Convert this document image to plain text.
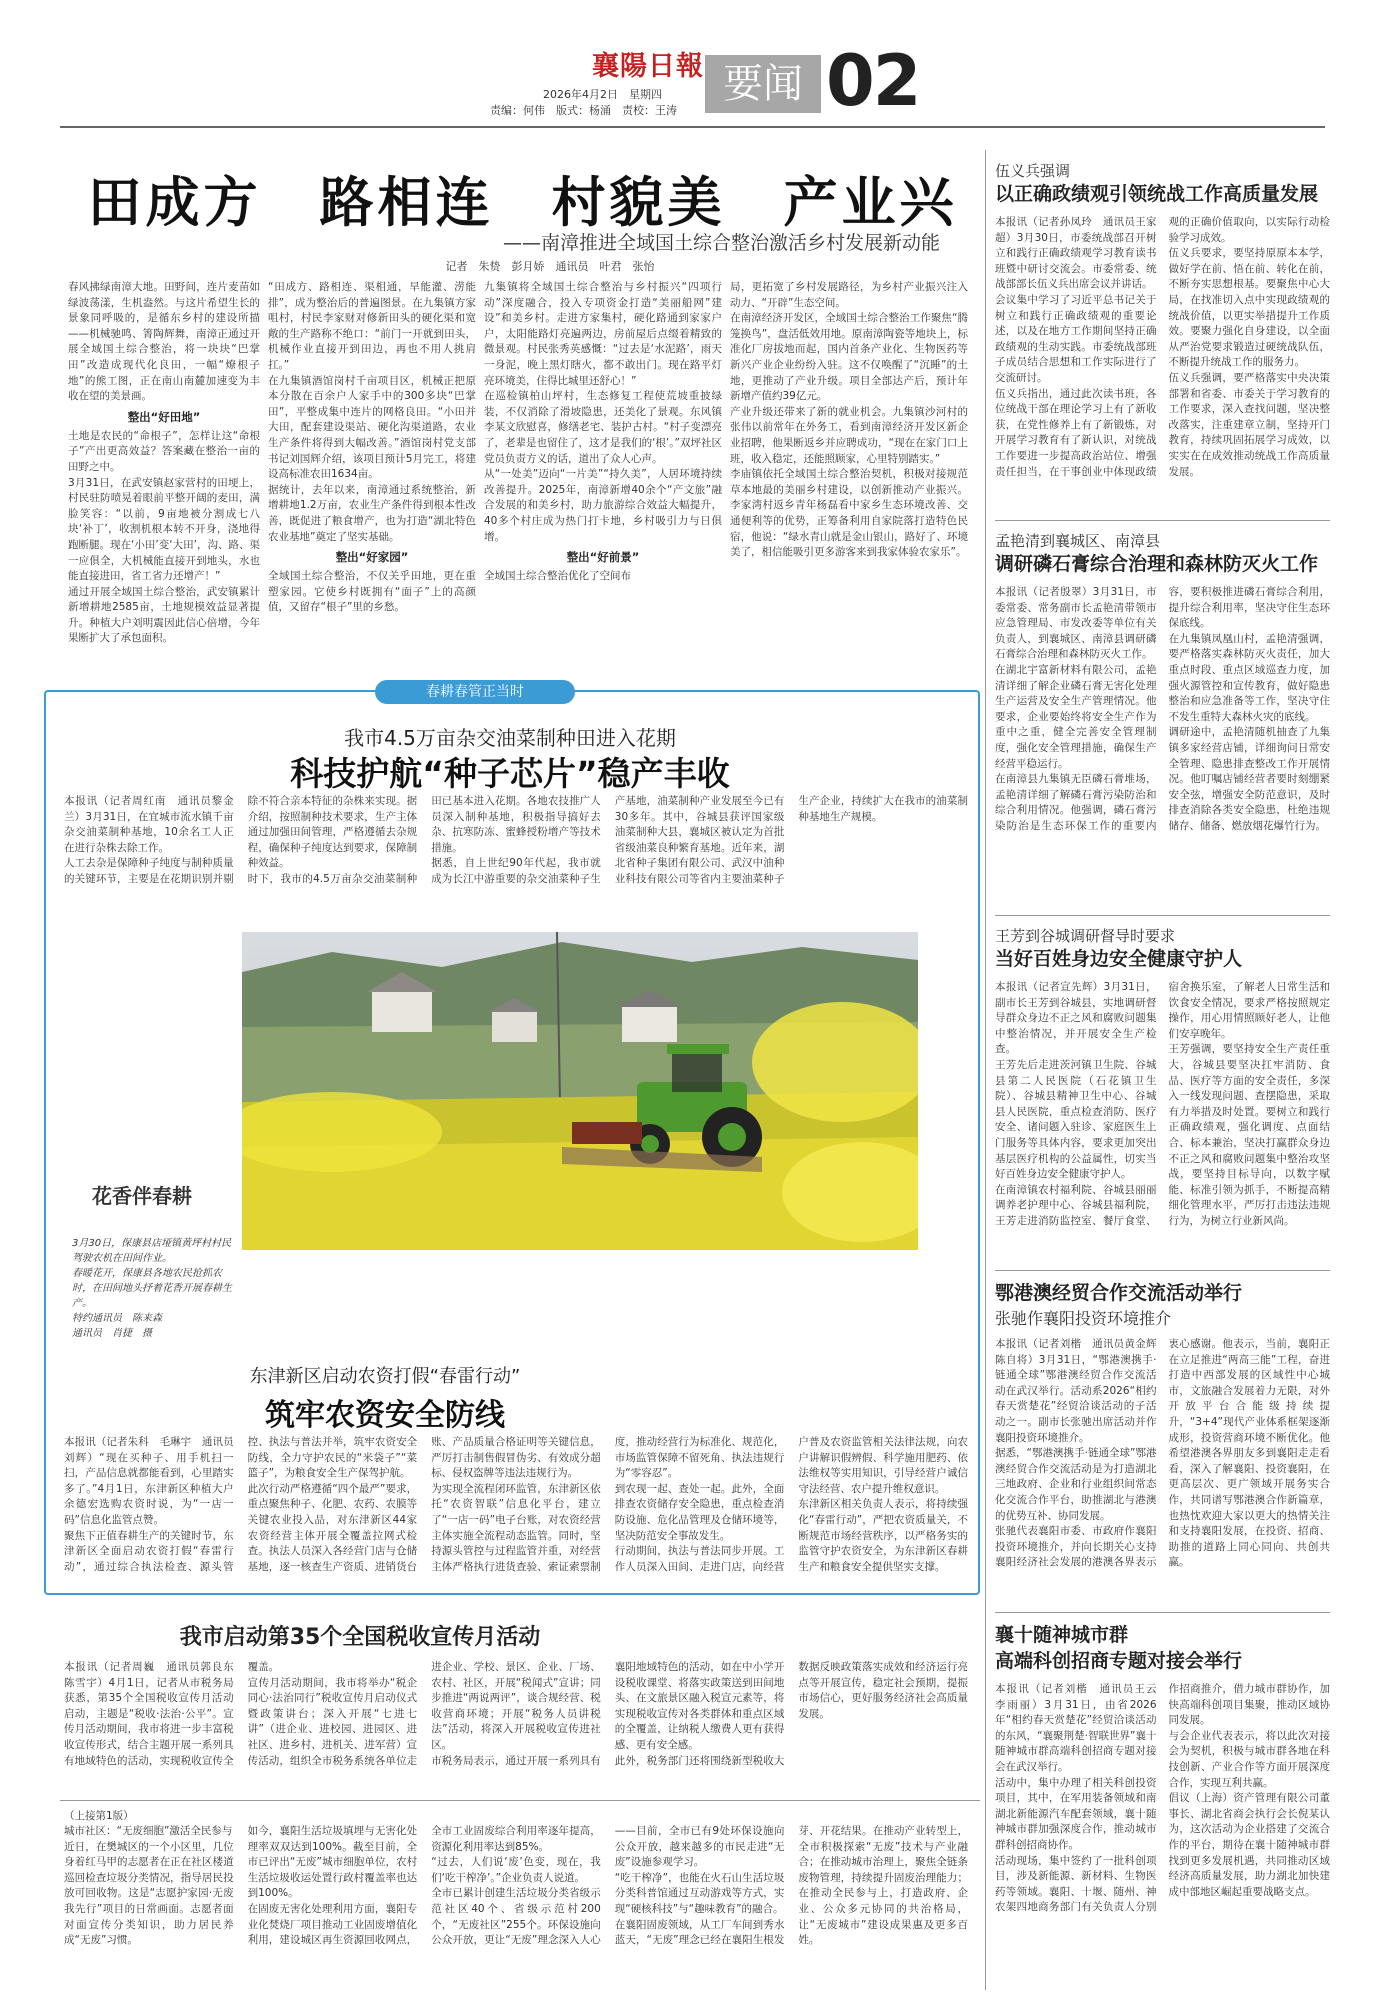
襄陽日報
2026年4月2日　星期四
责编：何伟　版式：杨涌　责校：王涛
要闻 02
田成方　路相连　村貌美　产业兴
——南漳推进全域国土综合整治激活乡村发展新动能
记者　朱贽　彭月娇　通讯员　叶君　张怡
春风拂绿南漳大地。田野间，连片麦苗如绿波荡漾，生机盎然。与这片希望生长的景象同呼吸的，是循东乡村的建设所描——机械驰鸣、箐陶辉舞，南漳正通过开展全域国土综合整治，将一块块“巴掌田”改造成现代化良田，一幅“燎根子地”的熊工图，正在南山南麓加速变为丰收在望的美景画。
整出“好田地”
土地是农民的“命根子”，怎样让这“命根子”产出更高效益？答案藏在整治一亩的田野之中。
3月31日，在武安镇赵家营村的田埂上，村民驻防喷晃着眼前平整开阔的麦田，满脸笑容：“以前，9亩地被分割成七八块‘补丁’，收割机根本转不开身，浇地得跑断腿。现在‘小田’变‘大田’，沟、路、渠一应俱全，大机械能直接开到地头，水也能直接进田，省工省力还增产！”
通过开展全域国土综合整治，武安镇累计新增耕地2585亩，土地规模效益显著提升。种植大户刘明震因此信心倍增，今年果断扩大了承包面积。
“田成方、路相连、渠相通，旱能灌、涝能排”，成为整治后的普遍图景。在九集镇方家咀村，村民李家财对修新田头的硬化渠和宽敞的生产路称不绝口：“前门一开就到田头，机械作业直接开到田边，再也不用人挑肩扛。”
在九集镇酒馆岗村千亩项目区，机械正把原本分散在百余户人家手中的300多块“巴掌田”，平整成集中连片的网格良田。“小田并大田，配套建设渠站、硬化沟渠道路，农业生产条件将得到大幅改善。”酒馆岗村党支部书记刘国辉介绍，该项目预计5月完工，将建设高标准农田1634亩。
据统计，去年以来，南漳通过系统整治，新增耕地1.2万亩，农业生产条件得到根本性改善，既促进了粮食增产，也为打造“湖北特色农业基地”奠定了坚实基础。
整出“好家园”
全域国土综合整治，不仅关乎田地，更在重塑家园。它使乡村既拥有“面子”上的高颜值，又留存“根子”里的乡愁。
九集镇将全域国土综合整治与乡村振兴“四项行动”深度融合，投入专项资金打造“美丽船网”建设”和美乡村。走进方家集村，硬化路通到家家户户，太阳能路灯亮遍两边，房前屋后点缀着精致的微景观。村民张秀英感慨：“过去是‘水泥路’，雨天一身泥，晚上黑灯瞎火，都不敢出门。现在路平灯亮环境美，住得比城里还舒心！”
在巡检镇柏山坪村，生态修复工程使荒坡重披绿装，不仅消除了滑坡隐患，还美化了景观。东风镇李某文欣慰喜，修缮老宅、装护古村。“村子变漂亮了，老辈是也留住了，这才是我们的‘根’。”双坪社区党员负责方义的话，道出了众人心声。
从“一处美”迈向“一片美”“持久美”，人居环境持续改善提升。2025年，南漳新增40余个“产文旅”融合发展的和美乡村，助力旅游综合效益大幅提升，40多个村庄成为热门打卡地，乡村吸引力与日俱增。
整出“好前景”
全域国土综合整治优化了空间布
局，更拓宽了乡村发展路径，为乡村产业振兴注入动力、“开辟”生态空间。
在南漳经济开发区，全域国土综合整治工作聚焦“腾笼换鸟”，盘活低效用地。原南漳陶瓷等地块上，标准化厂房拔地而起，国内首条产业化、生物医药等新兴产业企业纷纷入驻。这不仅唤醒了“沉睡”的土地，更推动了产业升级。项目全部达产后，预计年新增产值约39亿元。
产业升级还带来了新的就业机会。九集镇沙河村的张伟以前常年在外务工，看到南漳经济开发区新企业招聘，他果断返乡并应聘成功，“现在在家门口上班，收入稳定，还能照顾家，心里特别踏实。”
李庙镇依托全域国土综合整治契机，积极对接规范草本地最的美丽乡村建设，以创新推动产业振兴。李家湾村返乡青年杨磊看中家乡生态环境改善、交通便利等的优势，正筹备利用自家院落打造特色民宿，他说：“绿水青山就是金山银山，路好了、环境美了，相信能吸引更多游客来到我家体验农家乐”。
春耕春管正当时
我市4.5万亩杂交油菜制种田进入花期
科技护航“种子芯片”稳产丰收
本报讯（记者周红南　通讯员黎金兰）3月31日，在宜城市流水镇千亩杂交油菜制种基地，10余名工人正在进行杂株去除工作。
人工去杂是保障种子纯度与制种质量的关键环节，主要是在花期识别并剔除不符合亲本特征的杂株来实现。据介绍，按照制种技术要求，生产主体通过加强田间管理，严格遵循去杂规程，确保种子纯度达到要求，保障制种效益。
时下，我市的4.5万亩杂交油菜制种田已基本进入花期。各地农技推广人员深入制种基地，积极指导搞好去杂、抗寒防冻、蜜蜂授粉增产等技术措施。
据悉，自上世纪90年代起，我市就成为长江中游重要的杂交油菜种子生产基地，油菜制种产业发展至今已有30多年。其中，谷城县获评国家级油菜制种大县，襄城区被认定为首批省级油菜良种繁育基地。近年来，湖北省种子集团有限公司、武汉中油种业科技有限公司等省内主要油菜种子生产企业，持续扩大在我市的油菜制种基地生产规模。
花香伴春耕
3月30日，保康县店垭镇黄坪村村民驾驶农机在田间作业。
春暖花开，保康县各地农民抢抓农时，在田间地头抒着花香开展春耕生产。
特约通讯员　陈来森
通讯员　肖捷　摄
东津新区启动农资打假“春雷行动”
筑牢农资安全防线
本报讯（记者朱科　毛琳宇　通讯员刘辉）“现在买种子、用手机扫一扫，产品信息就都能看到，心里踏实多了。”4月1日，东津新区种植大户余德宏选购农资时说，为“一店一码”信息化监管点赞。
聚焦下正值春耕生产的关键时节，东津新区全面启动农资打假“春雷行动”，通过综合执法检查、源头管控、执法与普法并举，筑牢农资安全防线，全力守护农民的“米袋子”“菜篮子”，为粮食安全生产保驾护航。
此次行动严格遵循“四个最严”要求，重点聚焦种子、化肥、农药、农膜等关键农业投入品，对东津新区44家农资经营主体开展全覆盖拉网式检查。执法人员深入各经营门店与仓储基地，逐一核查生产资质、进销货台账、产品质量合格证明等关键信息，严厉打击制售假冒伪劣、有效成分超标、侵权盗牌等违法违规行为。
为实现全流程闭环监管，东津新区依托“农资智联”信息化平台，建立了“一店一码”电子台账，对农资经营主体实施全流程动态监管。同时，坚持源头管控与过程监管并重，对经营主体严格执行进货查验、索证索票制度，推动经营行为标准化、规范化，市场监管保障不留死角、执法违规行为“零容忍”。
到农现一起、查处一起。此外，全面排查农资储存安全隐患，重点检查消防设施、危化品管理及仓储环境等，坚决防范安全事故发生。
行动期间，执法与普法同步开展。工作人员深入田间、走进门店，向经营户普及农资监管相关法律法规，向农户讲解识假辨假、科学施用肥药、依法维权等实用知识，引导经营户诚信守法经营、农户提升维权意识。
东津新区相关负责人表示，将持续强化“春雷行动”，严把农资质量关，不断规范市场经营秩序，以严格务实的监管守护农资安全，为东津新区春耕生产和粮食安全提供坚实支撑。
我市启动第35个全国税收宣传月活动
本报讯（记者周巍　通讯员郭良东　陈雪宇）4月1日，记者从市税务局获悉，第35个全国税收宣传月活动启动，主题是“税收·法治·公平”。宣传月活动期间，我市将进一步丰富税收宣传形式，结合主题开展一系列具有地域特色的活动，实现税收宣传全覆盖。
宣传月活动期间，我市将举办“税企同心·法治同行”税收宣传月启动仪式暨政策讲台；深入开展“七进七讲”（进企业、进校园、进园区、进社区、进乡村、进机关、进军营）宣传活动，组织全市税务系统各单位走进企业、学校、景区、企业、厂场、农村、社区，开展“税闻式”宣讲；同步推进“两说两评”，谈合规经营、税收营商环境；开展“税务人员讲税法”活动，将深入开展税收宣传进社区。
市税务局表示，通过开展一系列具有襄阳地域特色的活动，如在中小学开设税收课堂、将落实政策送到田间地头、在文旅景区融入税宣元素等，将实现税收宣传对各类群体和重点区域的全覆盖，让纳税人缴费人更有获得感、更有安全感。
此外，税务部门还将围绕新型税收大数据反映政策落实成效和经济运行亮点等开展宣传，稳定社会预期，提振市场信心，更好服务经济社会高质量发展。
（上接第1版）
城市社区：“无废细胞”激活全民参与
近日，在樊城区的一个小区里，几位身着红马甲的志愿者在正在社区楼道巡回检查垃圾分类情况，指导居民投放可回收物。这是“志愿护家园·无废我先行”项目的日常画面。志愿者面对面宣传分类知识，助力居民养成“无废”习惯。
如今，襄阳生活垃圾填埋与无害化处理率双双达到100%。截至目前，全市已评出“无废”城市细胞单位，农村生活垃圾收运处置行政村覆盖率也达到100%。
在固废无害化处理利用方面，襄阳专业化焚烧厂项目推动工业固废增值化利用，建设城区再生资源回收网点，全市工业固废综合利用率逐年提高，资源化利用率达到85%。
“过去，人们说‘废’色变，现在，我们‘吃干榨净’。”企业负责人说道。
全市已累计创建生活垃圾分类省级示范社区40个、省级示范村200个，“无废社区”255个。环保设施向公众开放，更让“无废”理念深入人心——目前，全市已有9处环保设施向公众开放，越来越多的市民走进“无废”设施参观学习。
“吃干榨净”，也能在火石山生活垃圾分类科普馆通过互动游戏等方式，实现“硬核科技”与“趣味教育”的融合。
在襄阳固废领域，从工厂车间到秀水蓝天，“无废”理念已经在襄阳生根发芽、开花结果。在推动产业转型上，全市积极探索“无废”技术与产业融合；在推动城市治理上，聚焦全链条废物管理，持续提升固废治理能力；在推动全民参与上，打造政府、企业、公众多元协同的共治格局，让“无废城市”建设成果惠及更多百姓。
伍义兵强调
以正确政绩观引领统战工作高质量发展
本报讯（记者孙凤玲　通讯员王家超）3月30日，市委统战部召开树立和践行正确政绩观学习教育读书班暨中研讨交流会。市委常委、统战部部长伍义兵出席会议并讲话。
会议集中学习了习近平总书记关于树立和践行正确政绩观的重要论述，以及在地方工作期间坚持正确政绩观的生动实践。市委统战部班子成员结合思想和工作实际进行了交流研讨。
伍义兵指出，通过此次读书班，各位统战干部在理论学习上有了新收获，在党性修养上有了新锻炼，对开展学习教育有了新认识，对统战工作要进一步提高政治站位、增强责任担当，在干事创业中体现政绩观的正确价值取向，以实际行动检验学习成效。
伍义兵要求，要坚持原原本本学，做好学在前、悟在前、转化在前，不断夯实思想根基。要聚焦中心大局，在找准切入点中实现政绩观的统战价值，以更实举措提升工作质效。要聚力强化自身建设，以全面从严治党要求锻造过硬统战队伍，不断提升统战工作的服务力。
伍义兵强调，要严格落实中央决策部署和省委、市委关于学习教育的工作要求，深入查找问题，坚决整改落实，注重建章立制，坚持开门教育，持续巩固拓展学习成效，以实实在在成效推动统战工作高质量发展。
孟艳清到襄城区、南漳县
调研磷石膏综合治理和森林防灭火工作
本报讯（记者殷翠）3月31日，市委常委、常务副市长孟艳清带领市应急管理局、市发改委等单位有关负责人，到襄城区、南漳县调研磷石膏综合治理和森林防灭火工作。
在湖北宇富新材料有限公司，孟艳清详细了解企业磷石膏无害化处理生产运营及安全生产管理情况。他要求，企业要始终将安全生产作为重中之重，健全完善安全管理制度，强化安全管理措施，确保生产经营平稳运行。
在南漳县九集镇无臣磷石膏堆场，孟艳清详细了解磷石膏污染防治和综合利用情况。他强调，磷石膏污染防治是生态环保工作的重要内容，要积极推进磷石膏综合利用，提升综合利用率，坚决守住生态环保底线。
在九集镇凤凰山村，孟艳清强调，要严格落实森林防灭火责任，加大重点时段、重点区域巡查力度，加强火源管控和宣传教育，做好隐患整治和应急准备等工作，坚决守住不发生重特大森林火灾的底线。
调研途中，孟艳清随机抽查了九集镇多家经营店铺，详细询问日常安全管理、隐患排查整改工作开展情况。他叮嘱店铺经营者要时刻绷紧安全弦，增强安全防范意识，及时排查消除各类安全隐患，杜绝违规储存、储备、燃放烟花爆竹行为。
王芳到谷城调研督导时要求
当好百姓身边安全健康守护人
本报讯（记者宣先辉）3月31日，副市长王芳到谷城县，实地调研督导群众身边不正之风和腐败问题集中整治情况，并开展安全生产检查。
王芳先后走进茨河镇卫生院、谷城县第二人民医院（石花镇卫生院）、谷城县精神卫生中心、谷城县人民医院，重点检查消防、医疗安全、诸问题入驻诊、家庭医生上门服务等具体内容，要求更加突出基层医疗机构的公益属性，切实当好百姓身边安全健康守护人。
在南漳镇农村福利院、谷城县丽丽调养老护理中心、谷城县福利院，王芳走进消防监控室、餐厅食堂、宿舍换乐室，了解老人日常生活和饮食安全情况，要求严格按照规定操作，用心用情照顾好老人，让他们安享晚年。
王芳强调，要坚持安全生产责任重大，谷城县要坚决扛牢消防、食品、医疗等方面的安全责任，多深入一线发现问题、查摆隐患，采取有力举措及时处置。要树立和践行正确政绩观，强化调度、点面结合、标本兼治，坚决打赢群众身边不正之风和腐败问题集中整治攻坚战，要坚持目标导向，以数字赋能、标准引领为抓手，不断提高精细化管理水平，严厉打击违法违规行为，为树立行业新风尚。
鄂港澳经贸合作交流活动举行
张驰作襄阳投资环境推介
本报讯（记者刘楷　通讯员黄金辉　陈自将）3月31日，“鄂港澳携手·链通全球”鄂港澳经贸合作交流活动在武汉举行。活动系2026“相约春天赏楚花”经贸洽谈活动的子活动之一。副市长张驰出席活动并作襄阳投资环境推介。
据悉，“鄂港澳携手·链通全球”鄂港澳经贸合作交流活动是为打造湖北三地政府、企业和行业组织间常态化交流合作平台，助推湖北与港澳的优势互补、协同发展。
张驰代表襄阳市委、市政府作襄阳投资环境推介，并向长期关心支持襄阳经济社会发展的港澳各界表示衷心感谢。他表示，当前，襄阳正在立足推进“两高三能”工程，奋进打造中西部发展的区域性中心城市，文旅融合发展着力无限，对外开放平台合能级持续提升，“3+4”现代产业体系框架逐渐成形，投资营商环境不断优化。他希望港澳各界朋友多到襄阳走走看看，深入了解襄阳、投资襄阳，在更高层次、更广领域开展务实合作，共同谱写鄂港澳合作新篇章，也热忱欢迎大家以更大的热情关注和支持襄阳发展，在投资、招商、助推的道路上同心同向、共创共赢。
襄十随神城市群
高端科创招商专题对接会举行
本报讯（记者刘楷　通讯员王云　李雨丽）3月31日，由省2026年“相约春天赏楚花”经贸洽谈活动的东风，“襄聚荆楚·智联世界”襄十随神城市群高端科创招商专题对接会在武汉举行。
活动中，集中办理了相关科创投资项目，其中，在军用装备领域和南湖北新能源汽车配套领域，襄十随神城市群加强深度合作，推动城市群科创招商协作。
活动现场，集中签约了一批科创项目，涉及新能源、新材料、生物医药等领域。襄阳、十堰、随州、神农架四地商务部门有关负责人分别作招商推介，借力城市群协作，加快高端科创项目集聚，推动区域协同发展。
与会企业代表表示，将以此次对接会为契机，积极与城市群各地在科技创新、产业合作等方面开展深度合作，实现互利共赢。
倡议（上海）资产管理有限公司董事长、湖北省商会执行会长倪某认为，这次活动为企业搭建了交流合作的平台，期待在襄十随神城市群找到更多发展机遇，共同推动区域经济高质量发展，助力湖北加快建成中部地区崛起重要战略支点。
